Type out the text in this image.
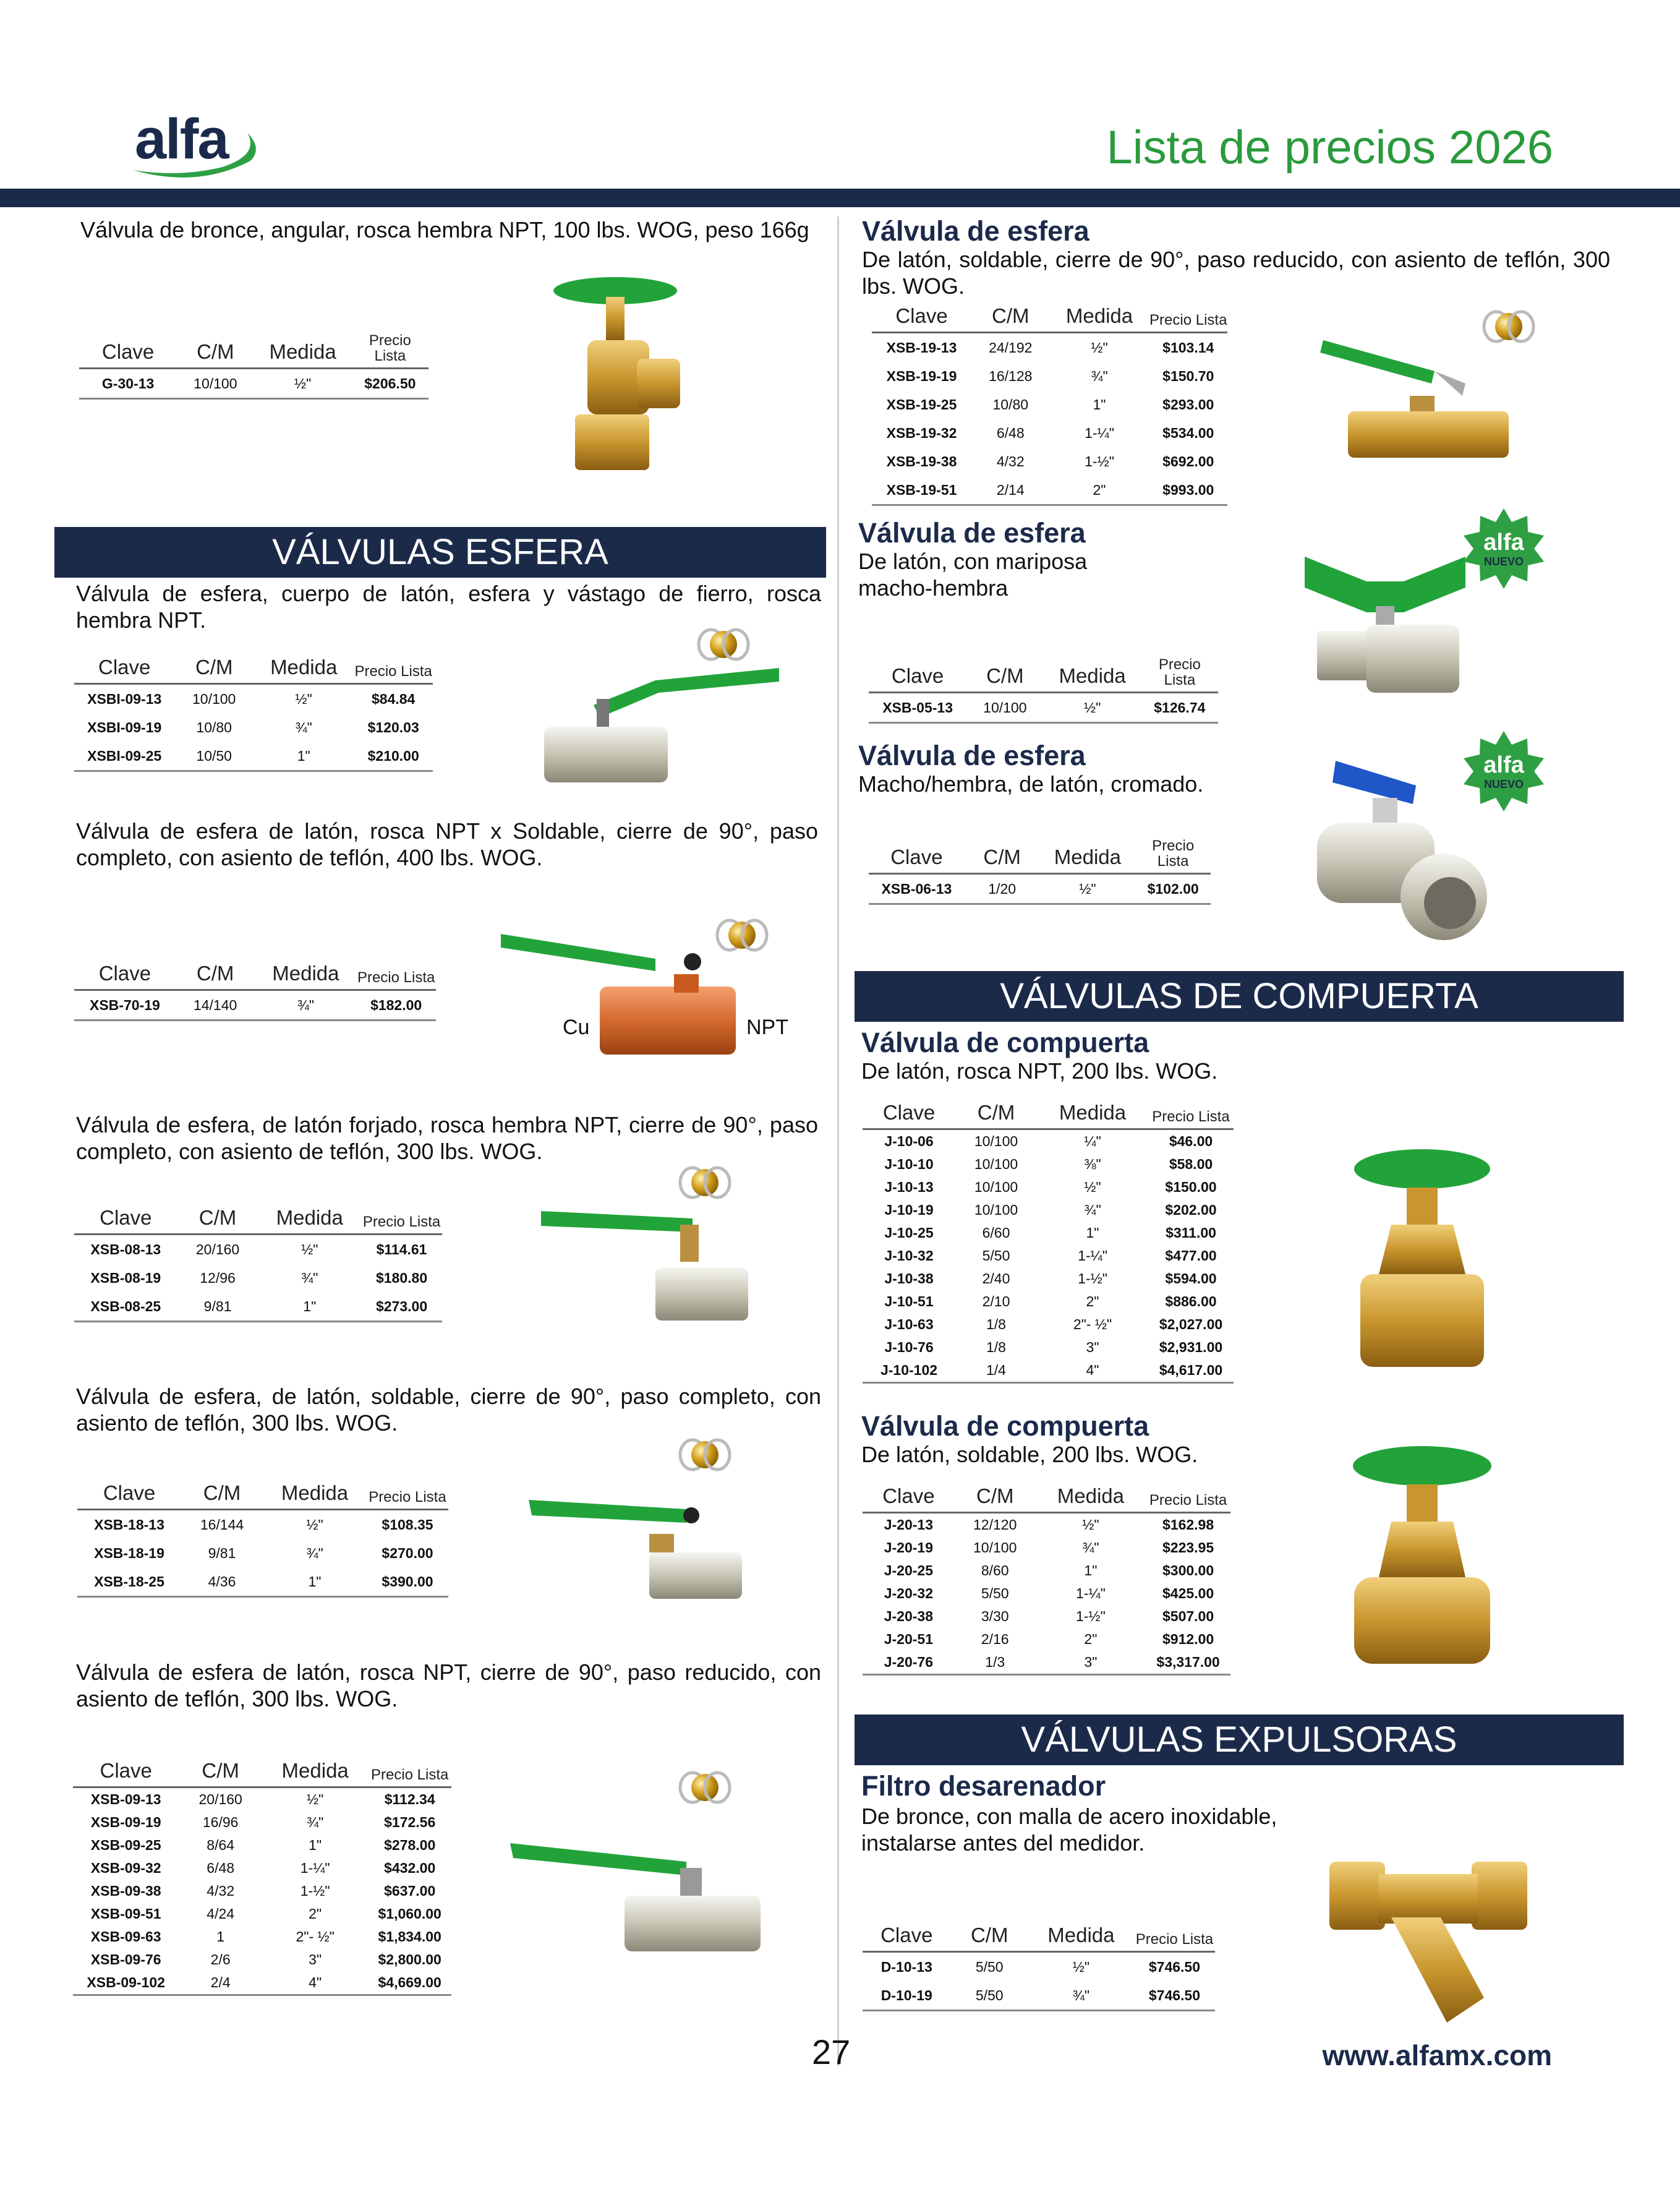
alfa	Lista de precios 2026
Válvula de bronce, angular, rosca hembra NPT, 100 lbs. WOG, peso 166g
Clave	C/M	Medida	Precio Lista
G-30-13	10/100	½"	$206.50
VÁLVULAS ESFERA
Válvula de esfera, cuerpo de latón, esfera y vástago de fierro, rosca hembra NPT.
Clave	C/M	Medida	Precio Lista
XSBI-09-13	10/100	½"	$84.84
XSBI-09-19	10/80	¾"	$120.03
XSBI-09-25	10/50	1"	$210.00
Válvula de esfera de latón, rosca NPT x Soldable, cierre de 90°, paso completo, con asiento de teflón, 400 lbs. WOG.
Clave	C/M	Medida	Precio Lista
XSB-70-19	14/140	¾"	$182.00
Cu	NPT
Válvula de esfera, de latón forjado, rosca hembra NPT, cierre de 90°, paso completo, con asiento de teflón, 300 lbs. WOG.
Clave	C/M	Medida	Precio Lista
XSB-08-13	20/160	½"	$114.61
XSB-08-19	12/96	¾"	$180.80
XSB-08-25	9/81	1"	$273.00
Válvula de esfera, de latón, soldable, cierre de 90°, paso completo, con asiento de teflón, 300 lbs. WOG.
Clave	C/M	Medida	Precio Lista
XSB-18-13	16/144	½"	$108.35
XSB-18-19	9/81	¾"	$270.00
XSB-18-25	4/36	1"	$390.00
Válvula de esfera de latón, rosca NPT, cierre de 90°, paso reducido, con asiento de teflón, 300 lbs. WOG.
Clave	C/M	Medida	Precio Lista
XSB-09-13	20/160	½"	$112.34
XSB-09-19	16/96	¾"	$172.56
XSB-09-25	8/64	1"	$278.00
XSB-09-32	6/48	1-¼"	$432.00
XSB-09-38	4/32	1-½"	$637.00
XSB-09-51	4/24	2"	$1,060.00
XSB-09-63	1	2"- ½"	$1,834.00
XSB-09-76	2/6	3"	$2,800.00
XSB-09-102	2/4	4"	$4,669.00
Válvula de esfera
De latón, soldable, cierre de 90°, paso reducido, con asiento de teflón, 300 lbs. WOG.
Clave	C/M	Medida	Precio Lista
XSB-19-13	24/192	½"	$103.14
XSB-19-19	16/128	¾"	$150.70
XSB-19-25	10/80	1"	$293.00
XSB-19-32	6/48	1-¼"	$534.00
XSB-19-38	4/32	1-½"	$692.00
XSB-19-51	2/14	2"	$993.00
Válvula de esfera
De latón, con mariposa macho-hembra
Clave	C/M	Medida	Precio Lista
XSB-05-13	10/100	½"	$126.74
alfa
NUEVO
Válvula de esfera
Macho/hembra, de latón, cromado.
Clave	C/M	Medida	Precio Lista
XSB-06-13	1/20	½"	$102.00
alfa
NUEVO
VÁLVULAS DE COMPUERTA
Válvula de compuerta
De latón, rosca NPT, 200 lbs. WOG.
Clave	C/M	Medida	Precio Lista
J-10-06	10/100	¼"	$46.00
J-10-10	10/100	⅜"	$58.00
J-10-13	10/100	½"	$150.00
J-10-19	10/100	¾"	$202.00
J-10-25	6/60	1"	$311.00
J-10-32	5/50	1-¼"	$477.00
J-10-38	2/40	1-½"	$594.00
J-10-51	2/10	2"	$886.00
J-10-63	1/8	2"- ½"	$2,027.00
J-10-76	1/8	3"	$2,931.00
J-10-102	1/4	4"	$4,617.00
Válvula de compuerta
De latón, soldable, 200 lbs. WOG.
Clave	C/M	Medida	Precio Lista
J-20-13	12/120	½"	$162.98
J-20-19	10/100	¾"	$223.95
J-20-25	8/60	1"	$300.00
J-20-32	5/50	1-¼"	$425.00
J-20-38	3/30	1-½"	$507.00
J-20-51	2/16	2"	$912.00
J-20-76	1/3	3"	$3,317.00
VÁLVULAS EXPULSORAS
Filtro desarenador
De bronce, con malla de acero inoxidable, instalarse antes del medidor.
Clave	C/M	Medida	Precio Lista
D-10-13	5/50	½"	$746.50
D-10-19	5/50	¾"	$746.50
27	www.alfamx.com
